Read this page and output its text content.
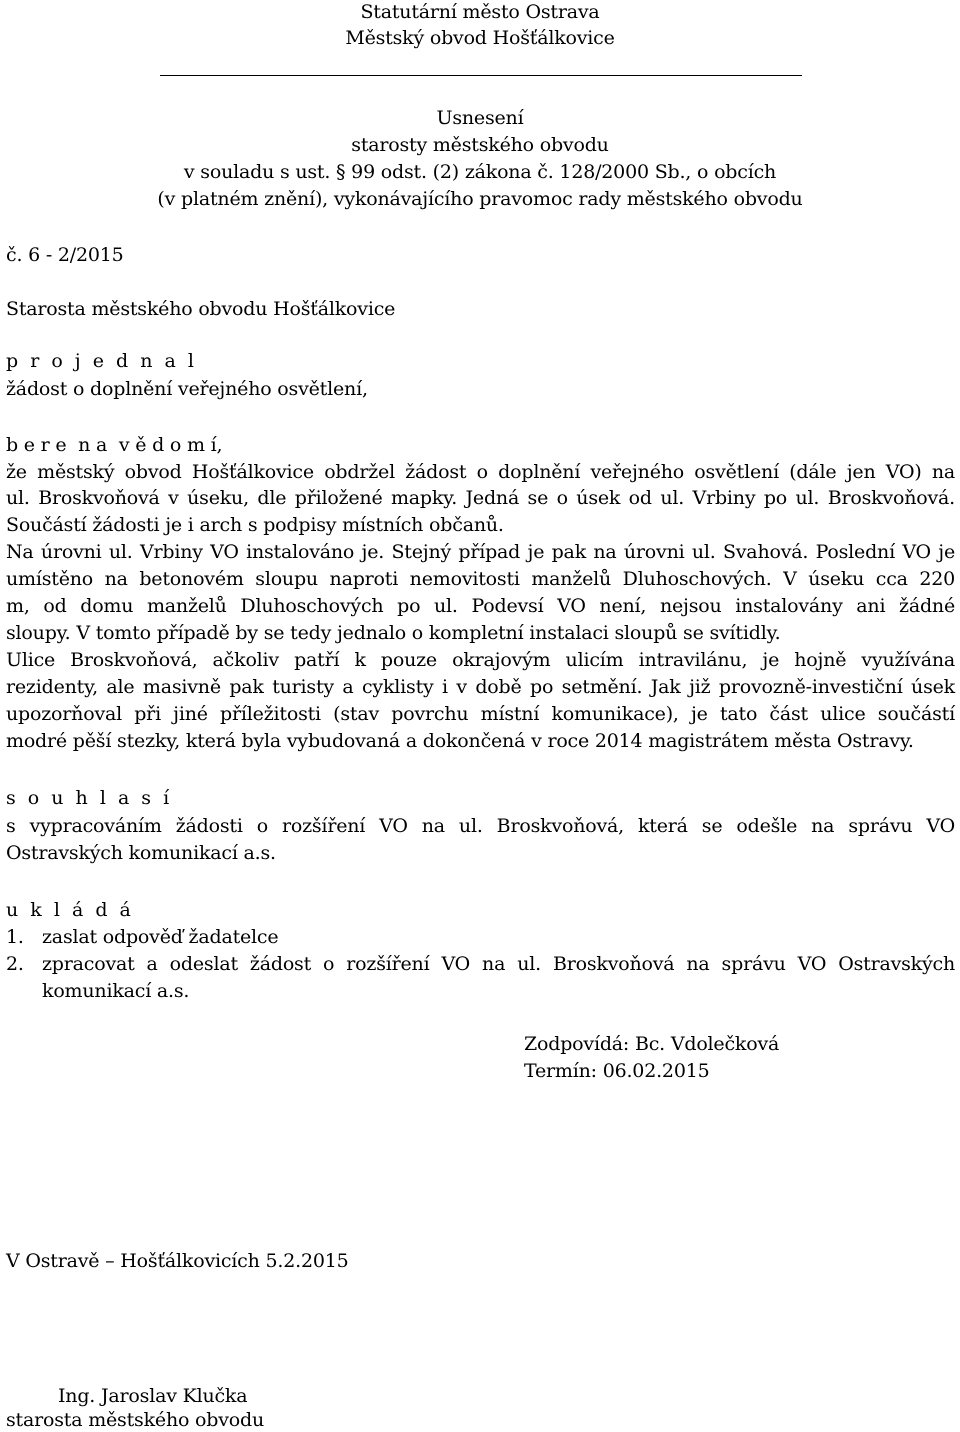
Statutární město Ostrava
Městský obvod Hošťálkovice
Usnesení
starosty městského obvodu
v souladu s ust. § 99 odst. (2) zákona č. 128/2000 Sb., o obcích
(v platném znění), vykonávajícího pravomoc rady městského obvodu
č. 6 - 2/2015
Starosta městského obvodu Hošťálkovice
p r o j e d n a l
žádost o doplnění veřejného osvětlení,
b e r e  n a  v ě d o m í,
že městský obvod Hošťálkovice obdržel žádost o doplnění veřejného osvětlení (dále jen VO) na
ul. Broskvoňová v úseku, dle přiložené mapky. Jedná se o úsek od ul. Vrbiny po ul. Broskvoňová.
Součástí žádosti je i arch s podpisy místních občanů.
Na úrovni ul. Vrbiny VO instalováno je. Stejný případ je pak na úrovni ul. Svahová. Poslední VO je
umístěno na betonovém sloupu naproti nemovitosti manželů Dluhoschových. V úseku cca 220
m, od domu manželů Dluhoschových po ul. Podevsí VO není, nejsou instalovány ani žádné
sloupy. V tomto případě by se tedy jednalo o kompletní instalaci sloupů se svítidly.
Ulice Broskvoňová, ačkoliv patří k pouze okrajovým ulicím intravilánu, je hojně využívána
rezidenty, ale masivně pak turisty a cyklisty i v době po setmění. Jak již provozně-investiční úsek
upozorňoval při jiné příležitosti (stav povrchu místní komunikace), je tato část ulice součástí
modré pěší stezky, která byla vybudovaná a dokončená v roce 2014 magistrátem města Ostravy.
s o u h l a s í
s vypracováním žádosti o rozšíření VO na ul. Broskvoňová, která se odešle na správu VO
Ostravských komunikací a.s.
u k l á d á
1. zaslat odpověď žadatelce
2. zpracovat a odeslat žádost o rozšíření VO na ul. Broskvoňová na správu VO Ostravských
komunikací a.s.
Zodpovídá: Bc. Vdolečková
Termín: 06.02.2015
V Ostravě – Hošťálkovicích 5.2.2015
Ing. Jaroslav Klučka
starosta městského obvodu
